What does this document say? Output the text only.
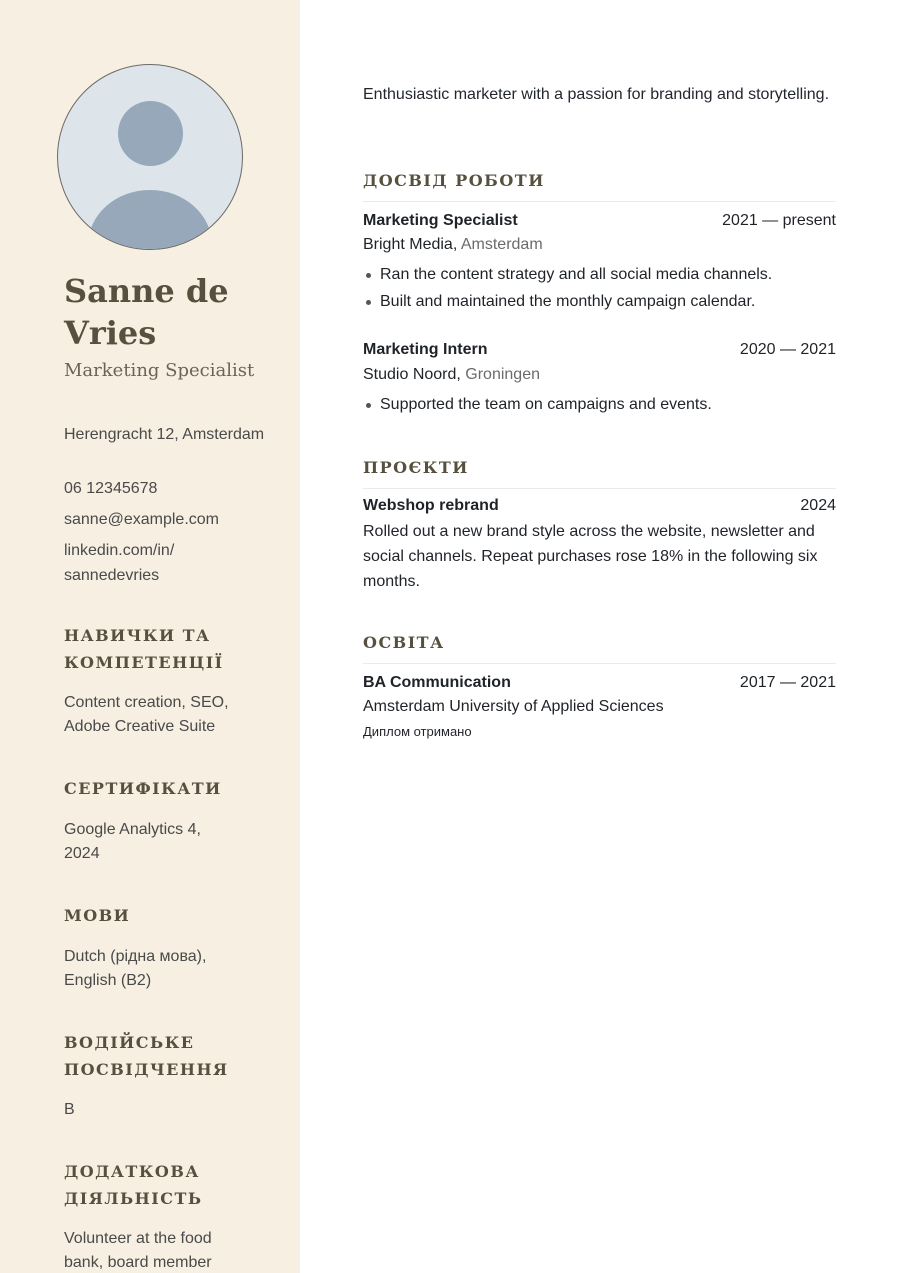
Sanne de Vries
Marketing Specialist
Herengracht 12, Amsterdam
06 12345678
sanne@example.com
linkedin.com/in/ sannedevries
НАВИЧКИ ТА КОМПЕТЕНЦІЇ
Content creation, SEO, Adobe Creative Suite
СЕРТИФІКАТИ
Google Analytics 4, 2024
МОВИ
Dutch (рідна мова), English (B2)
ВОДІЙСЬКЕ ПОСВІДЧЕННЯ
B
ДОДАТКОВА ДІЯЛЬНІСТЬ
Volunteer at the food bank, board member
Enthusiastic marketer with a passion for branding and storytelling.
ДОСВІД РОБОТИ
Marketing Specialist	2021 — present
Bright Media, Amsterdam
Ran the content strategy and all social media channels.
Built and maintained the monthly campaign calendar.
Marketing Intern	2020 — 2021
Studio Noord, Groningen
Supported the team on campaigns and events.
ПРОЄКТИ
Webshop rebrand	2024
Rolled out a new brand style across the website, newsletter and social channels. Repeat purchases rose 18% in the following six months.
ОСВІТА
BA Communication	2017 — 2021
Amsterdam University of Applied Sciences
Диплом отримано
